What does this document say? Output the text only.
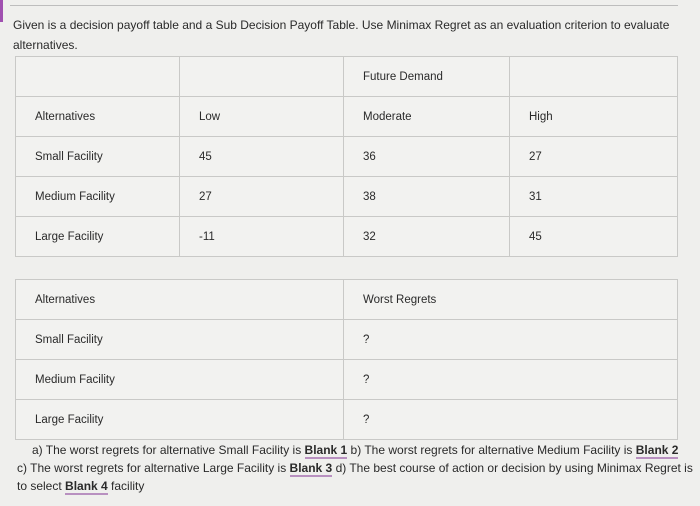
Given is a decision payoff table and a Sub Decision Payoff Table. Use Minimax Regret as an evaluation criterion to evaluate alternatives.
		Future Demand	
Alternatives	Low	Moderate	High
Small Facility	45	36	27
Medium Facility	27	38	31
Large Facility	-11	32	45
Alternatives	Worst Regrets
Small Facility	?
Medium Facility	?
Large Facility	?
a) The worst regrets for alternative Small Facility is Blank 1 b) The worst regrets for alternative Medium Facility is Blank 2
c) The worst regrets for alternative Large Facility is Blank 3 d) The best course of action or decision by using Minimax Regret is to select Blank 4 facility
